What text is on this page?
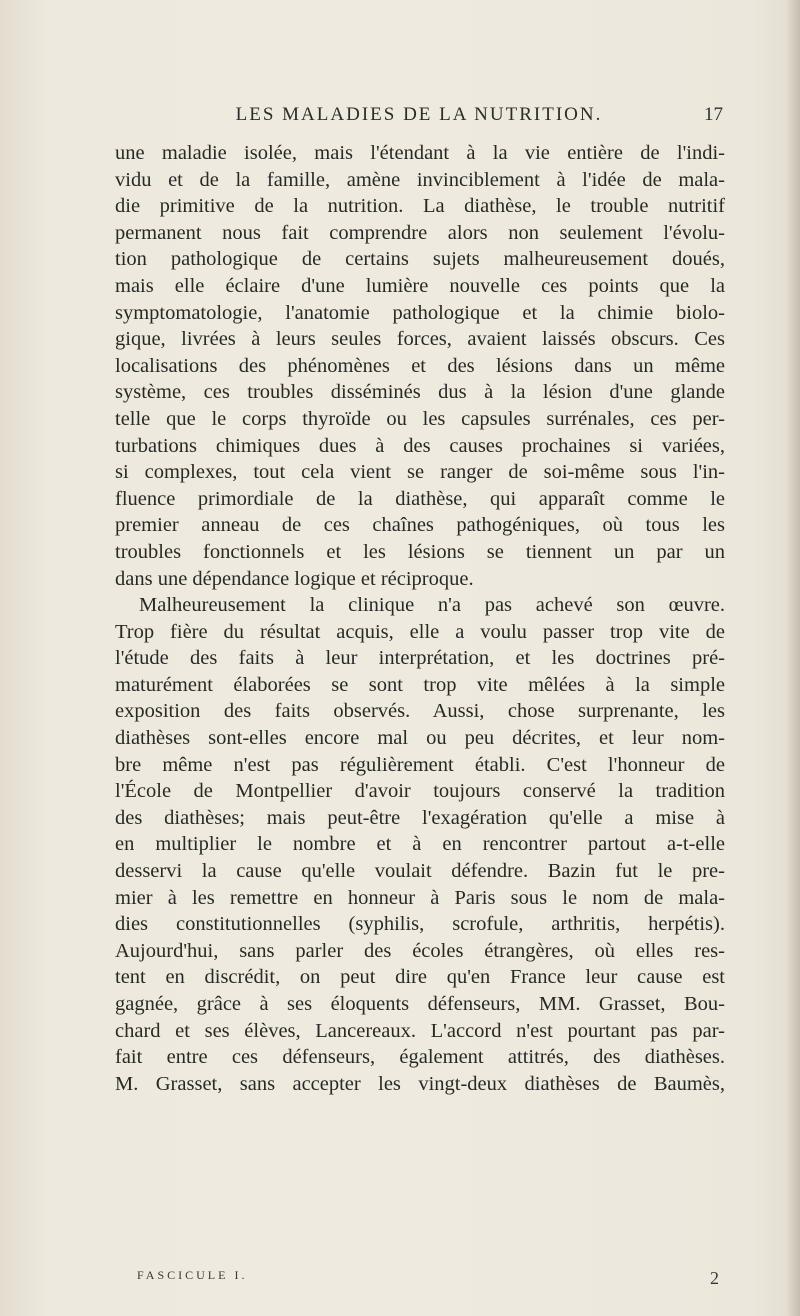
LES MALADIES DE LA NUTRITION.	17
une maladie isolée, mais l'étendant à la vie entière de l'indi-
vidu et de la famille, amène invinciblement à l'idée de mala-
die primitive de la nutrition. La diathèse, le trouble nutritif
permanent nous fait comprendre alors non seulement l'évolu-
tion pathologique de certains sujets malheureusement doués,
mais elle éclaire d'une lumière nouvelle ces points que la
symptomatologie, l'anatomie pathologique et la chimie biolo-
gique, livrées à leurs seules forces, avaient laissés obscurs. Ces
localisations des phénomènes et des lésions dans un même
système, ces troubles disséminés dus à la lésion d'une glande
telle que le corps thyroïde ou les capsules surrénales, ces per-
turbations chimiques dues à des causes prochaines si variées,
si complexes, tout cela vient se ranger de soi-même sous l'in-
fluence primordiale de la diathèse, qui apparaît comme le
premier anneau de ces chaînes pathogéniques, où tous les
troubles fonctionnels et les lésions se tiennent un par un
dans une dépendance logique et réciproque.
Malheureusement la clinique n'a pas achevé son œuvre.
Trop fière du résultat acquis, elle a voulu passer trop vite de
l'étude des faits à leur interprétation, et les doctrines pré-
maturément élaborées se sont trop vite mêlées à la simple
exposition des faits observés. Aussi, chose surprenante, les
diathèses sont-elles encore mal ou peu décrites, et leur nom-
bre même n'est pas régulièrement établi. C'est l'honneur de
l'École de Montpellier d'avoir toujours conservé la tradition
des diathèses; mais peut-être l'exagération qu'elle a mise à
en multiplier le nombre et à en rencontrer partout a-t-elle
desservi la cause qu'elle voulait défendre. Bazin fut le pre-
mier à les remettre en honneur à Paris sous le nom de mala-
dies constitutionnelles (syphilis, scrofule, arthritis, herpétis).
Aujourd'hui, sans parler des écoles étrangères, où elles res-
tent en discrédit, on peut dire qu'en France leur cause est
gagnée, grâce à ses éloquents défenseurs, MM. Grasset, Bou-
chard et ses élèves, Lancereaux. L'accord n'est pourtant pas par-
fait entre ces défenseurs, également attitrés, des diathèses.
M. Grasset, sans accepter les vingt-deux diathèses de Baumès,
FASCICULE I.	2
